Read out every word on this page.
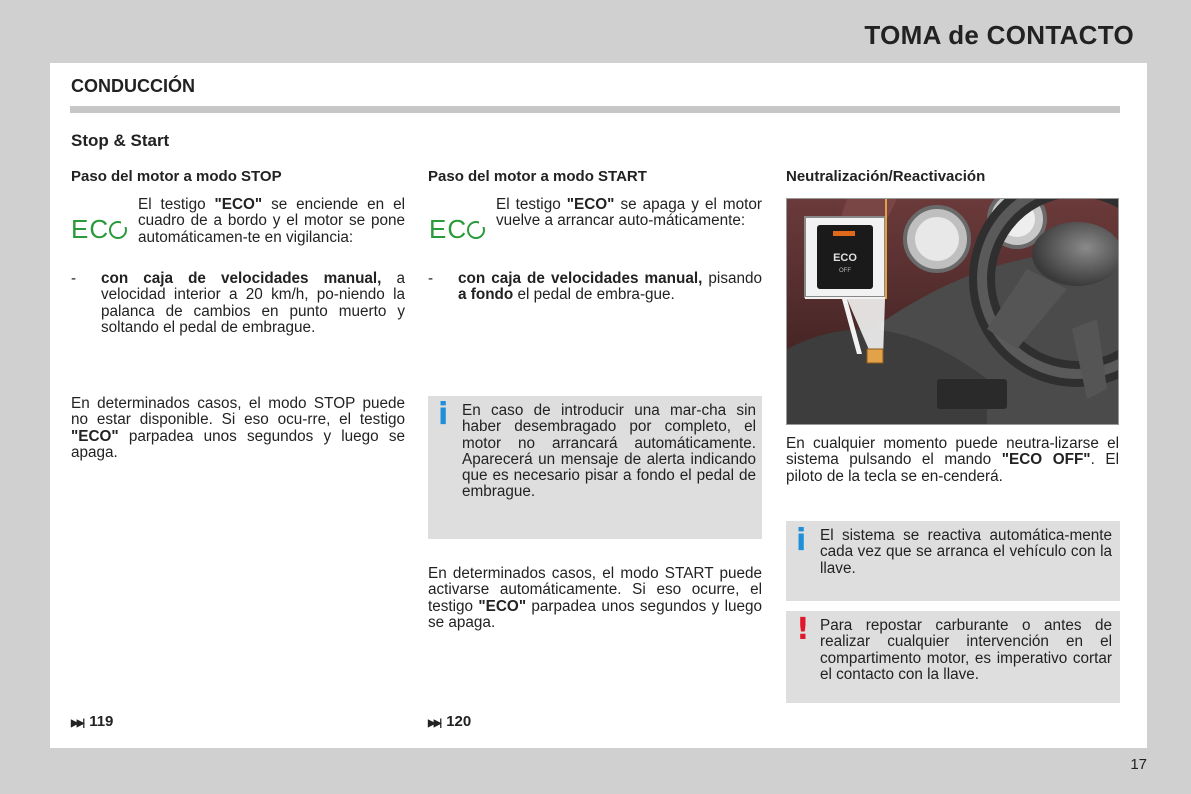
TOMA de CONTACTO
17
CONDUCCIÓN
Stop & Start
Paso del motor a modo STOP
EC
El testigo "ECO" se enciende en el cuadro de a bordo y el motor se pone automáticamen-te en vigilancia:
- con caja de velocidades manual, a velocidad interior a 20 km/h, po-niendo la palanca de cambios en punto muerto y soltando el pedal de embrague.
En determinados casos, el modo STOP puede no estar disponible. Si eso ocu-rre, el testigo "ECO" parpadea unos segundos y luego se apaga.
▶▶| 119
Paso del motor a modo START
EC
El testigo "ECO" se apaga y el motor vuelve a arrancar auto-máticamente:
- con caja de velocidades manual, pisando a fondo el pedal de embra-gue.
i En caso de introducir una mar-cha sin haber desembragado por completo, el motor no arrancará automáticamente. Aparecerá un mensaje de alerta indicando que es necesario pisar a fondo el pedal de embrague.
En determinados casos, el modo START puede activarse automáticamente. Si eso ocurre, el testigo "ECO" parpadea unos segundos y luego se apaga.
▶▶| 120
Neutralización/Reactivación
ECO
OFF
En cualquier momento puede neutra-lizarse el sistema pulsando el mando "ECO OFF". El piloto de la tecla se en-cenderá.
i El sistema se reactiva automática-mente cada vez que se arranca el vehículo con la llave.
! Para repostar carburante o antes de realizar cualquier intervención en el compartimento motor, es imperativo cortar el contacto con la llave.
